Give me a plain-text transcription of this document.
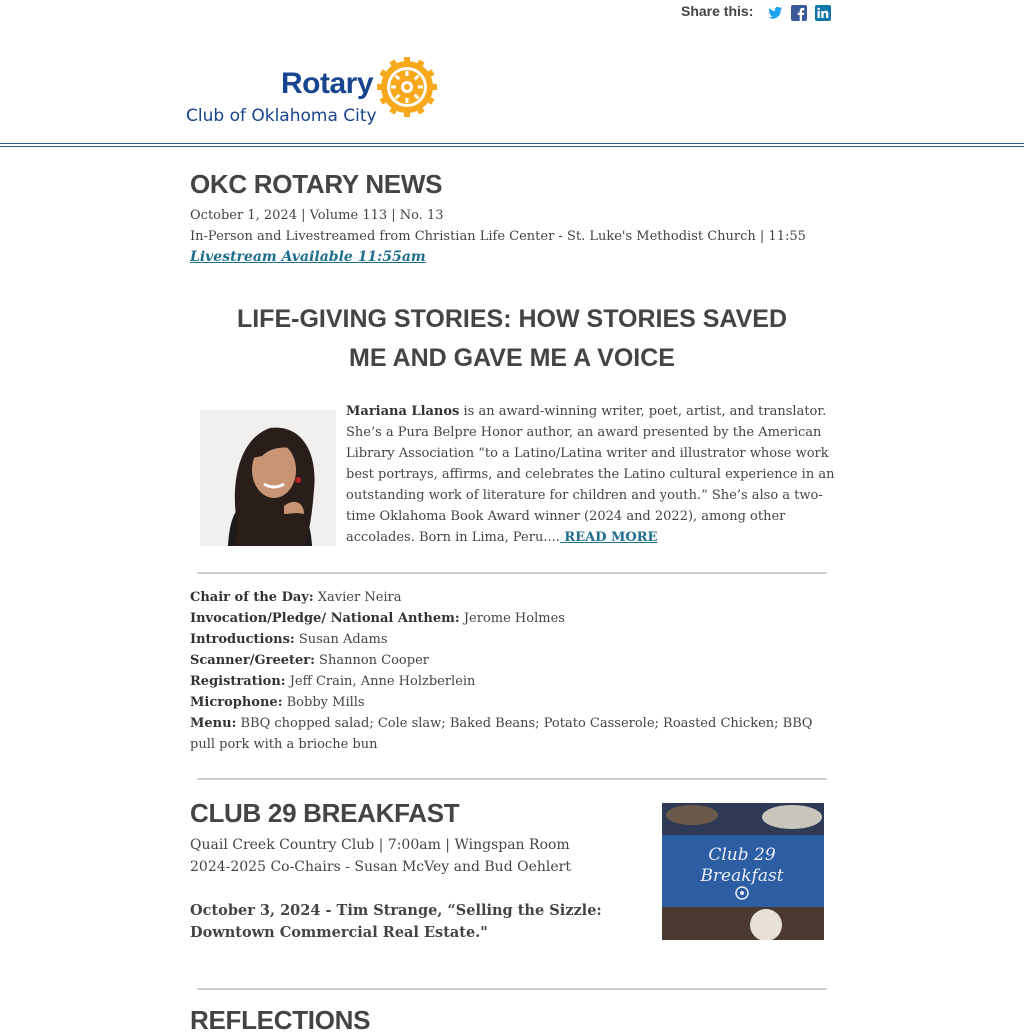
Share this:
Rotary
Club of Oklahoma City
OKC ROTARY NEWS
October 1, 2024 | Volume 113 | No. 13
In-Person and Livestreamed from Christian Life Center - St. Luke's Methodist Church | 11:55
Livestream Available 11:55am
LIFE-GIVING STORIES: HOW STORIES SAVED
ME AND GAVE ME A VOICE
Mariana Llanos is an award-winning writer, poet, artist, and translator. She’s a Pura Belpre Honor author, an award presented by the American Library Association “to a Latino/Latina writer and illustrator whose work best portrays, affirms, and celebrates the Latino cultural experience in an outstanding work of literature for children and youth.” She’s also a two-time Oklahoma Book Award winner (2024 and 2022), among other accolades. Born in Lima, Peru.... READ MORE
Chair of the Day: Xavier Neira
Invocation/Pledge/ National Anthem: Jerome Holmes
Introductions: Susan Adams
Scanner/Greeter: Shannon Cooper
Registration: Jeff Crain, Anne Holzberlein
Microphone: Bobby Mills
Menu: BBQ chopped salad; Cole slaw; Baked Beans; Potato Casserole; Roasted Chicken; BBQ pull pork with a brioche bun
CLUB 29 BREAKFAST
Quail Creek Country Club | 7:00am | Wingspan Room
2024-2025 Co-Chairs - Susan McVey and Bud Oehlert
October 3, 2024 - Tim Strange, “Selling the Sizzle: Downtown Commercial Real Estate."
Club 29
Breakfast
REFLECTIONS
